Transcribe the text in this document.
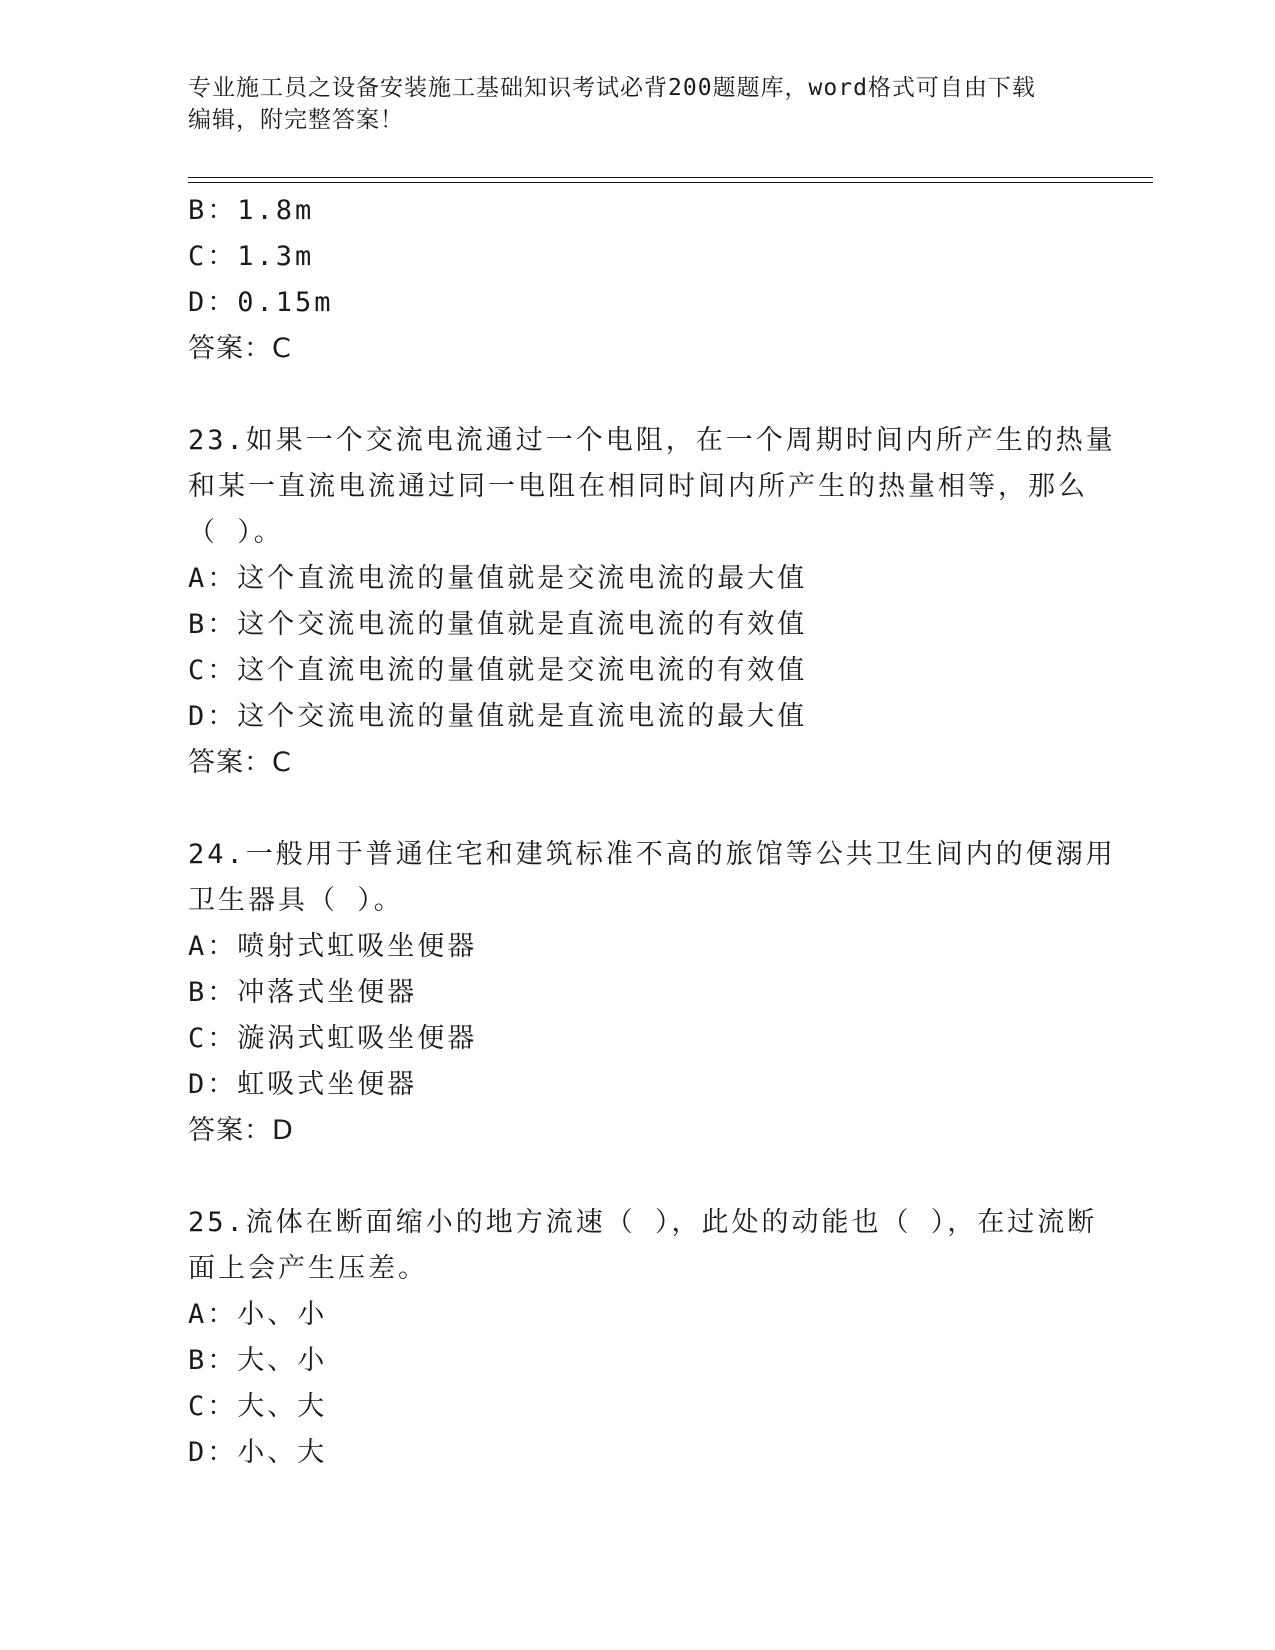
专业施工员之设备安装施工基础知识考试必背200题题库，word格式可自由下载
编辑，附完整答案！
B：1.8m
C：1.3m
D：0.15m
答案：C
23.如果一个交流电流通过一个电阻，在一个周期时间内所产生的热量
和某一直流电流通过同一电阻在相同时间内所产生的热量相等，那么
（ ）。
A：这个直流电流的量值就是交流电流的最大值
B：这个交流电流的量值就是直流电流的有效值
C：这个直流电流的量值就是交流电流的有效值
D：这个交流电流的量值就是直流电流的最大值
答案：C
24.一般用于普通住宅和建筑标准不高的旅馆等公共卫生间内的便溺用
卫生器具（ ）。
A：喷射式虹吸坐便器
B：冲落式坐便器
C：漩涡式虹吸坐便器
D：虹吸式坐便器
答案：D
25.流体在断面缩小的地方流速（ ），此处的动能也（ ），在过流断
面上会产生压差。
A：小、小
B：大、小
C：大、大
D：小、大
